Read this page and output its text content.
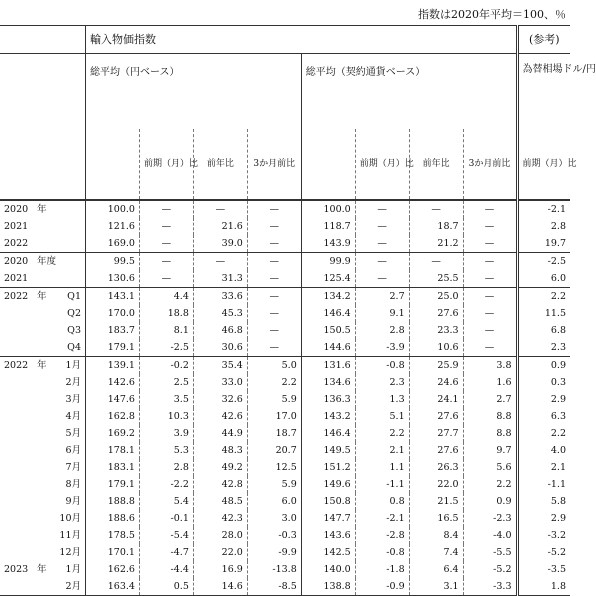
指数は2020年平均＝100、％
	輸入物価指数								(参考)
	総平均（円ベース）				総平均（契約通貨ベース）				為替相場ドル/円
		前期（月）比	前年比	3か月前比		前期（月）比	前年比	3か月前比	前期（月）比
2020 年	100.0	—	—	—	100.0	—	—	—	-2.1
2021	121.6	—	21.6	—	118.7	—	18.7	—	2.8
2022	169.0	—	39.0	—	143.9	—	21.2	—	19.7
2020 年度	99.5	—	—	—	99.9	—	—	—	-2.5
2021	130.6	—	31.3	—	125.4	—	25.5	—	6.0
2022 年 Q1	143.1	4.4	33.6	—	134.2	2.7	25.0	—	2.2

Q2	170.0	18.8	45.3	—	146.4	9.1	27.6	—	11.5

Q3	183.7	8.1	46.8	—	150.5	2.8	23.3	—	6.8

Q4	179.1	-2.5	30.6	—	144.6	-3.9	10.6	—	2.3
2022 年 1月	139.1	-0.2	35.4	5.0	131.6	-0.8	25.9	3.8	0.9

2月	142.6	2.5	33.0	2.2	134.6	2.3	24.6	1.6	0.3

3月	147.6	3.5	32.6	5.9	136.3	1.3	24.1	2.7	2.9

4月	162.8	10.3	42.6	17.0	143.2	5.1	27.6	8.8	6.3

5月	169.2	3.9	44.9	18.7	146.4	2.2	27.7	8.8	2.2

6月	178.1	5.3	48.3	20.7	149.5	2.1	27.6	9.7	4.0

7月	183.1	2.8	49.2	12.5	151.2	1.1	26.3	5.6	2.1

8月	179.1	-2.2	42.8	5.9	149.6	-1.1	22.0	2.2	-1.1

9月	188.8	5.4	48.5	6.0	150.8	0.8	21.5	0.9	5.8

10月	188.6	-0.1	42.3	3.0	147.7	-2.1	16.5	-2.3	2.9

11月	178.5	-5.4	28.0	-0.3	143.6	-2.8	8.4	-4.0	-3.2

12月	170.1	-4.7	22.0	-9.9	142.5	-0.8	7.4	-5.5	-5.2
2023 年 1月	162.6	-4.4	16.9	-13.8	140.0	-1.8	6.4	-5.2	-3.5

2月	163.4	0.5	14.6	-8.5	138.8	-0.9	3.1	-3.3	1.8
